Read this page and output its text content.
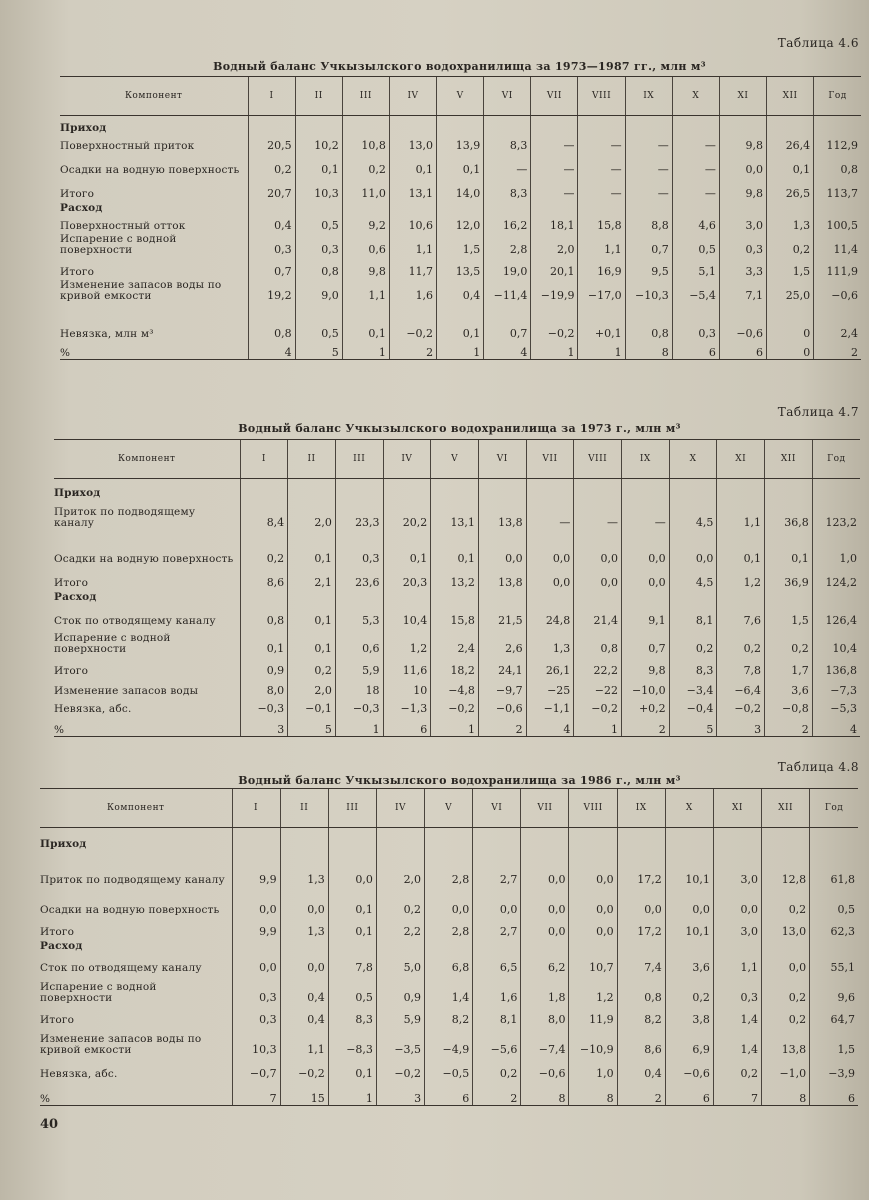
Таблица 4.6
Водный баланс Учкызылского водохранилища за 1973—1987 гг., млн м³
Компонент	I	II	III	IV	V	VI	VII	VIII	IX	X	XI	XII	Год
Приход													
Поверхностный приток	20,5	10,2	10,8	13,0	13,9	8,3	—	—	—	—	9,8	26,4	112,9
Осадки на водную поверхность	0,2	0,1	0,2	0,1	0,1	—	—	—	—	—	0,0	0,1	0,8
Итого	20,7	10,3	11,0	13,1	14,0	8,3	—	—	—	—	9,8	26,5	113,7
Расход													
Поверхностный отток	0,4	0,5	9,2	10,6	12,0	16,2	18,1	15,8	8,8	4,6	3,0	1,3	100,5
Испарение с водной поверхности	0,3	0,3	0,6	1,1	1,5	2,8	2,0	1,1	0,7	0,5	0,3	0,2	11,4
Итого	0,7	0,8	9,8	11,7	13,5	19,0	20,1	16,9	9,5	5,1	3,3	1,5	111,9
Изменение запасов воды по кривой емкости	19,2	9,0	1,1	1,6	0,4	−11,4	−19,9	−17,0	−10,3	−5,4	7,1	25,0	−0,6
Невязка, млн м³	0,8	0,5	0,1	−0,2	0,1	0,7	−0,2	+0,1	0,8	0,3	−0,6	0	2,4
%	4	5	1	2	1	4	1	1	8	6	6	0	2
Таблица 4.7
Водный баланс Учкызылского водохранилища за 1973 г., млн м³
Компонент	I	II	III	IV	V	VI	VII	VIII	IX	X	XI	XII	Год
Приход													
Приток по подводящему каналу	8,4	2,0	23,3	20,2	13,1	13,8	—	—	—	4,5	1,1	36,8	123,2
Осадки на водную поверхность	0,2	0,1	0,3	0,1	0,1	0,0	0,0	0,0	0,0	0,0	0,1	0,1	1,0
Итого	8,6	2,1	23,6	20,3	13,2	13,8	0,0	0,0	0,0	4,5	1,2	36,9	124,2
Расход													
Сток по отводящему каналу	0,8	0,1	5,3	10,4	15,8	21,5	24,8	21,4	9,1	8,1	7,6	1,5	126,4
Испарение с водной поверхности	0,1	0,1	0,6	1,2	2,4	2,6	1,3	0,8	0,7	0,2	0,2	0,2	10,4
Итого	0,9	0,2	5,9	11,6	18,2	24,1	26,1	22,2	9,8	8,3	7,8	1,7	136,8
Изменение запасов воды	8,0	2,0	18	10	−4,8	−9,7	−25	−22	−10,0	−3,4	−6,4	3,6	−7,3
Невязка, абс.	−0,3	−0,1	−0,3	−1,3	−0,2	−0,6	−1,1	−0,2	+0,2	−0,4	−0,2	−0,8	−5,3
%	3	5	1	6	1	2	4	1	2	5	3	2	4
Таблица 4.8
Водный баланс Учкызылского водохранилища за 1986 г., млн м³
Компонент	I	II	III	IV	V	VI	VII	VIII	IX	X	XI	XII	Год
Приход													
Приток по подводящему каналу	9,9	1,3	0,0	2,0	2,8	2,7	0,0	0,0	17,2	10,1	3,0	12,8	61,8
Осадки на водную поверхность	0,0	0,0	0,1	0,2	0,0	0,0	0,0	0,0	0,0	0,0	0,0	0,2	0,5
Итого	9,9	1,3	0,1	2,2	2,8	2,7	0,0	0,0	17,2	10,1	3,0	13,0	62,3
Расход													
Сток по отводящему каналу	0,0	0,0	7,8	5,0	6,8	6,5	6,2	10,7	7,4	3,6	1,1	0,0	55,1
Испарение с водной поверхности	0,3	0,4	0,5	0,9	1,4	1,6	1,8	1,2	0,8	0,2	0,3	0,2	9,6
Итого	0,3	0,4	8,3	5,9	8,2	8,1	8,0	11,9	8,2	3,8	1,4	0,2	64,7
Изменение запасов воды по кривой емкости	10,3	1,1	−8,3	−3,5	−4,9	−5,6	−7,4	−10,9	8,6	6,9	1,4	13,8	1,5
Невязка, абс.	−0,7	−0,2	0,1	−0,2	−0,5	0,2	−0,6	1,0	0,4	−0,6	0,2	−1,0	−3,9
%	7	15	1	3	6	2	8	8	2	6	7	8	6
40
